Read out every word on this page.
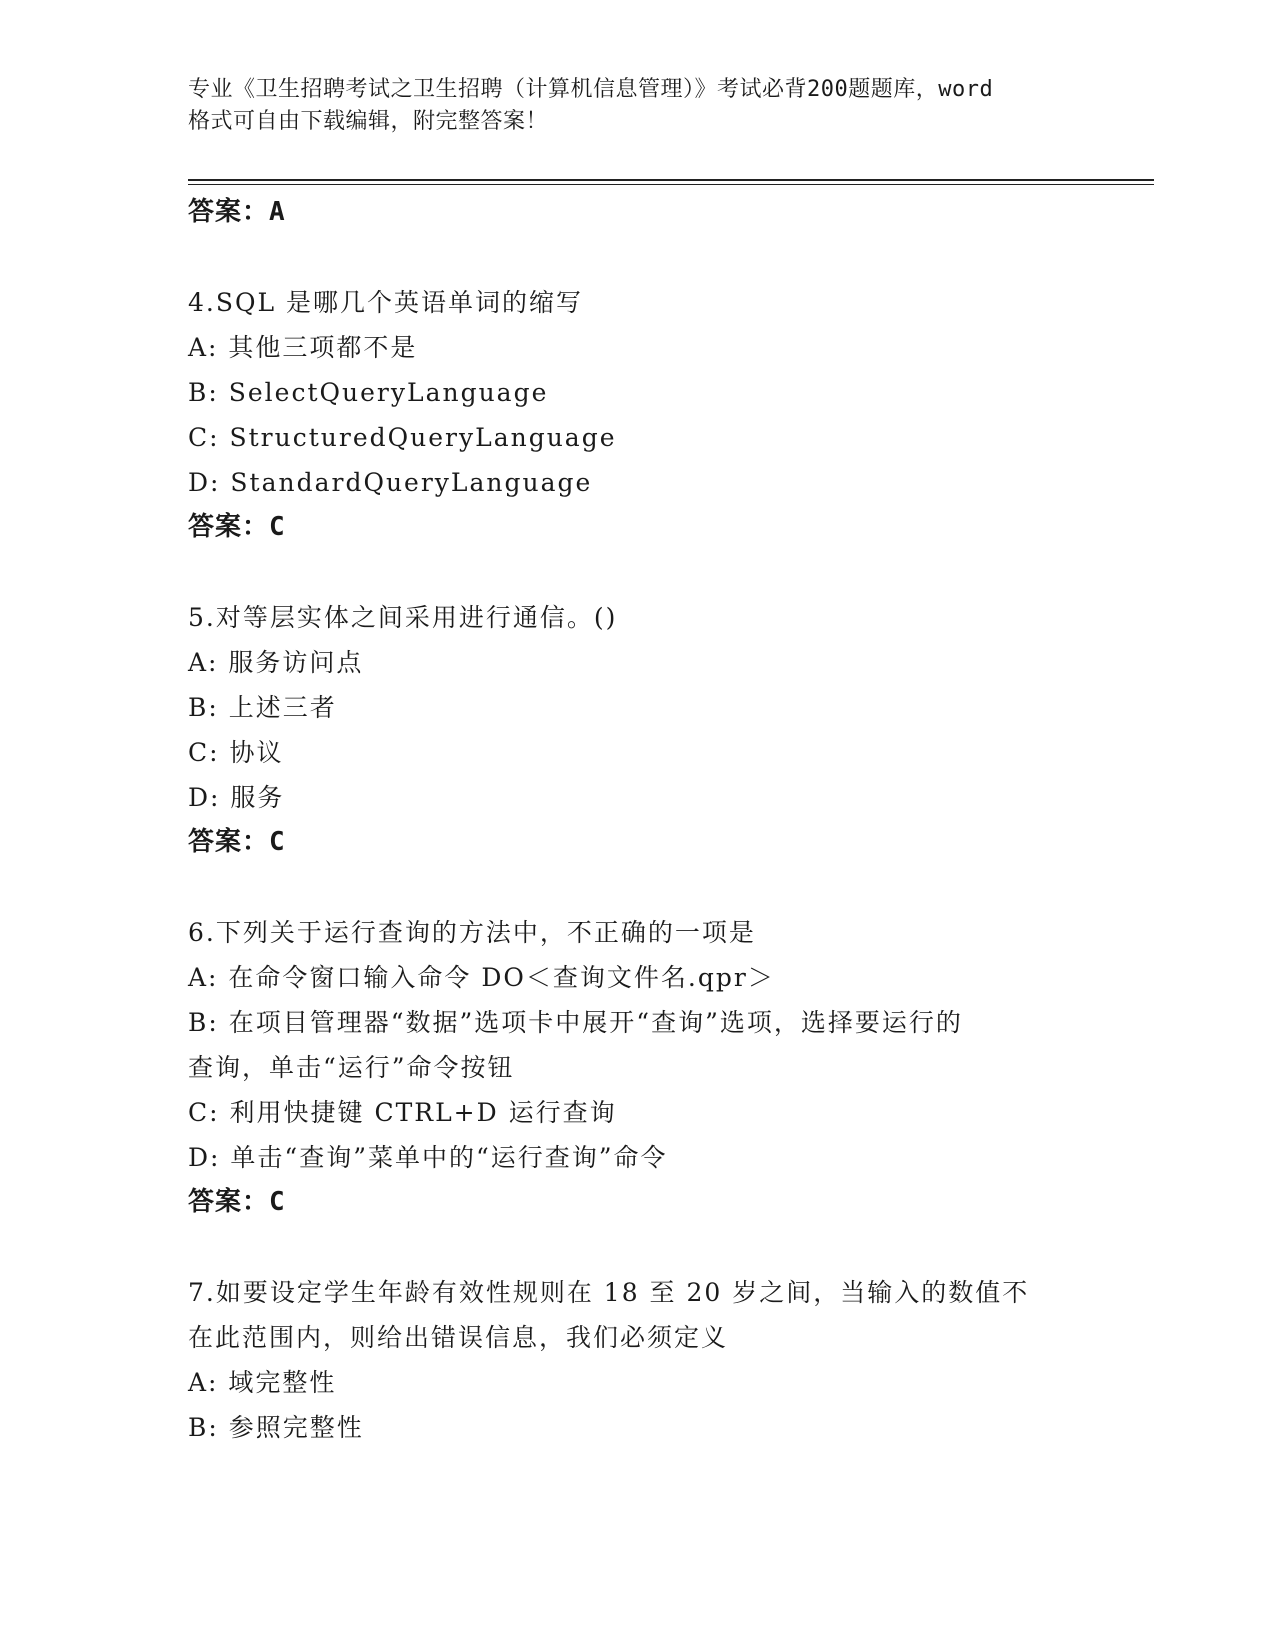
专业《卫生招聘考试之卫生招聘（计算机信息管理）》考试必背200题题库，word
格式可自由下载编辑，附完整答案！
答案：A
4.SQL 是哪几个英语单词的缩写
A: 其他三项都不是
B: SelectQueryLanguage
C: StructuredQueryLanguage
D: StandardQueryLanguage
答案：C
5.对等层实体之间采用进行通信。()
A: 服务访问点
B: 上述三者
C: 协议
D: 服务
答案：C
6.下列关于运行查询的方法中，不正确的一项是
A: 在命令窗口输入命令 DO＜查询文件名.qpr＞
B: 在项目管理器“数据”选项卡中展开“查询”选项，选择要运行的
查询，单击“运行”命令按钮
C: 利用快捷键 CTRL+D 运行查询
D: 单击“查询”菜单中的“运行查询”命令
答案：C
7.如要设定学生年龄有效性规则在 18 至 20 岁之间，当输入的数值不
在此范围内，则给出错误信息，我们必须定义
A: 域完整性
B: 参照完整性
